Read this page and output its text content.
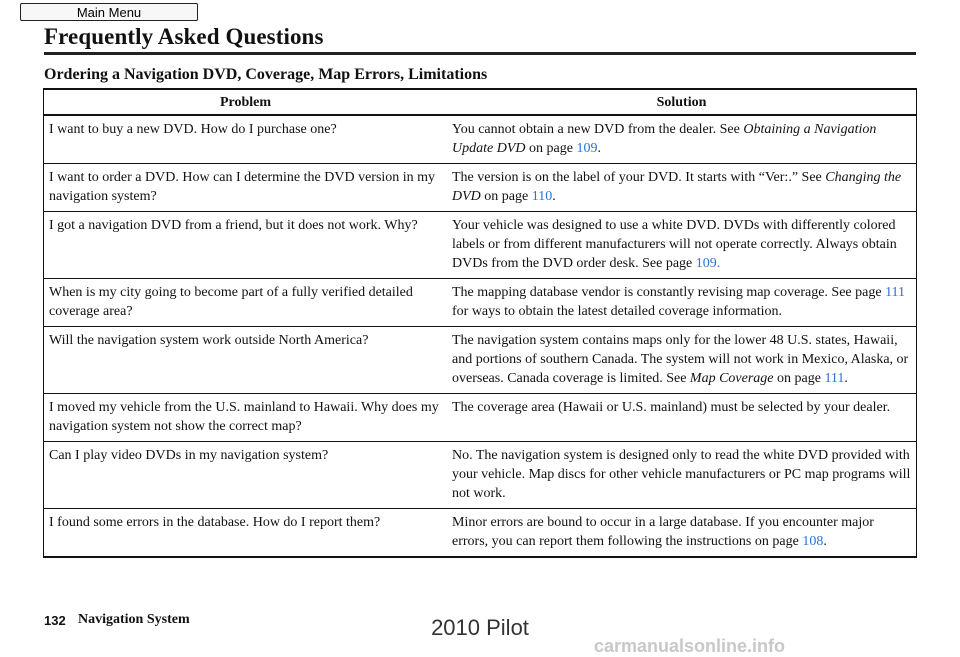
Main Menu
Frequently Asked Questions
Ordering a Navigation DVD, Coverage, Map Errors, Limitations
Problem	Solution
I want to buy a new DVD. How do I purchase one?	You cannot obtain a new DVD from the dealer. See Obtaining a Navigation Update DVD on page 109.
I want to order a DVD. How can I determine the DVD version in my navigation system?	The version is on the label of your DVD. It starts with “Ver:.” See Changing the DVD on page 110.
I got a navigation DVD from a friend, but it does not work. Why?	Your vehicle was designed to use a white DVD. DVDs with differently colored labels or from different manufacturers will not operate correctly. Always obtain DVDs from the DVD order desk. See page 109.
When is my city going to become part of a fully verified detailed coverage area?	The mapping database vendor is constantly revising map coverage. See page 111 for ways to obtain the latest detailed coverage information.
Will the navigation system work outside North America?	The navigation system contains maps only for the lower 48 U.S. states, Hawaii, and portions of southern Canada. The system will not work in Mexico, Alaska, or overseas. Canada coverage is limited. See Map Coverage on page 111.
I moved my vehicle from the U.S. mainland to Hawaii. Why does my navigation system not show the correct map?	The coverage area (Hawaii or U.S. mainland) must be selected by your dealer.
Can I play video DVDs in my navigation system?	No. The navigation system is designed only to read the white DVD provided with your vehicle. Map discs for other vehicle manufacturers or PC map programs will not work.
I found some errors in the database. How do I report them?	Minor errors are bound to occur in a large database. If you encounter major errors, you can report them following the instructions on page 108.
132 Navigation System	2010 Pilot
carmanualsonline.info
